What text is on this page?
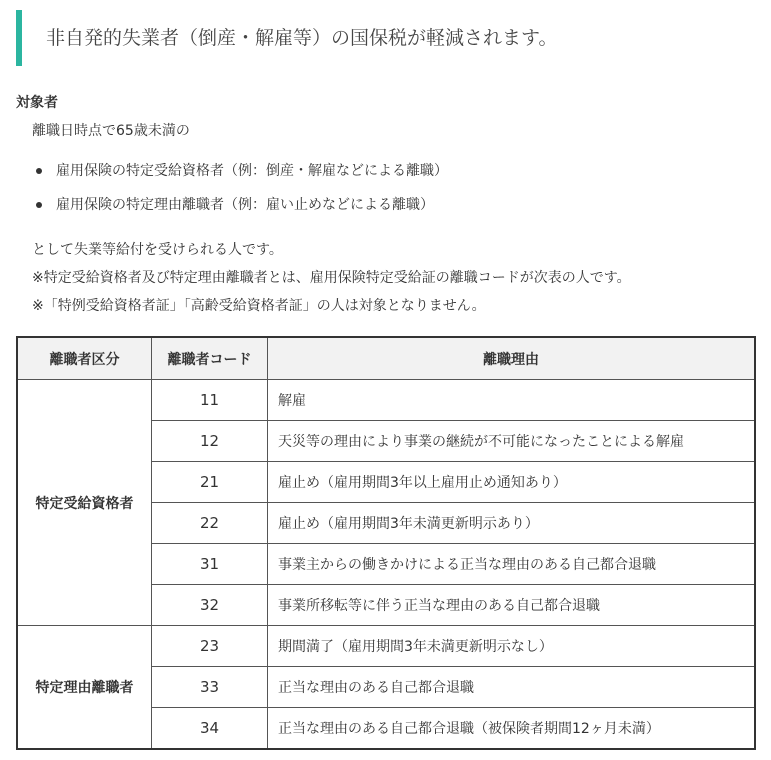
非自発的失業者（倒産・解雇等）の国保税が軽減されます。
対象者
離職日時点で65歳未満の
雇用保険の特定受給資格者（例：倒産・解雇などによる離職）
雇用保険の特定理由離職者（例：雇い止めなどによる離職）
として失業等給付を受けられる人です。
※特定受給資格者及び特定理由離職者とは、雇用保険特定受給証の離職コードが次表の人です。
※「特例受給資格者証」「高齢受給資格者証」の人は対象となりません。
離職者区分	離職者コード	離職理由
特定受給資格者	11	解雇
	12	天災等の理由により事業の継続が不可能になったことによる解雇
	21	雇止め（雇用期間3年以上雇用止め通知あり）
	22	雇止め（雇用期間3年未満更新明示あり）
	31	事業主からの働きかけによる正当な理由のある自己都合退職
	32	事業所移転等に伴う正当な理由のある自己都合退職
特定理由離職者	23	期間満了（雇用期間3年未満更新明示なし）
	33	正当な理由のある自己都合退職
	34	正当な理由のある自己都合退職（被保険者期間12ヶ月未満）
